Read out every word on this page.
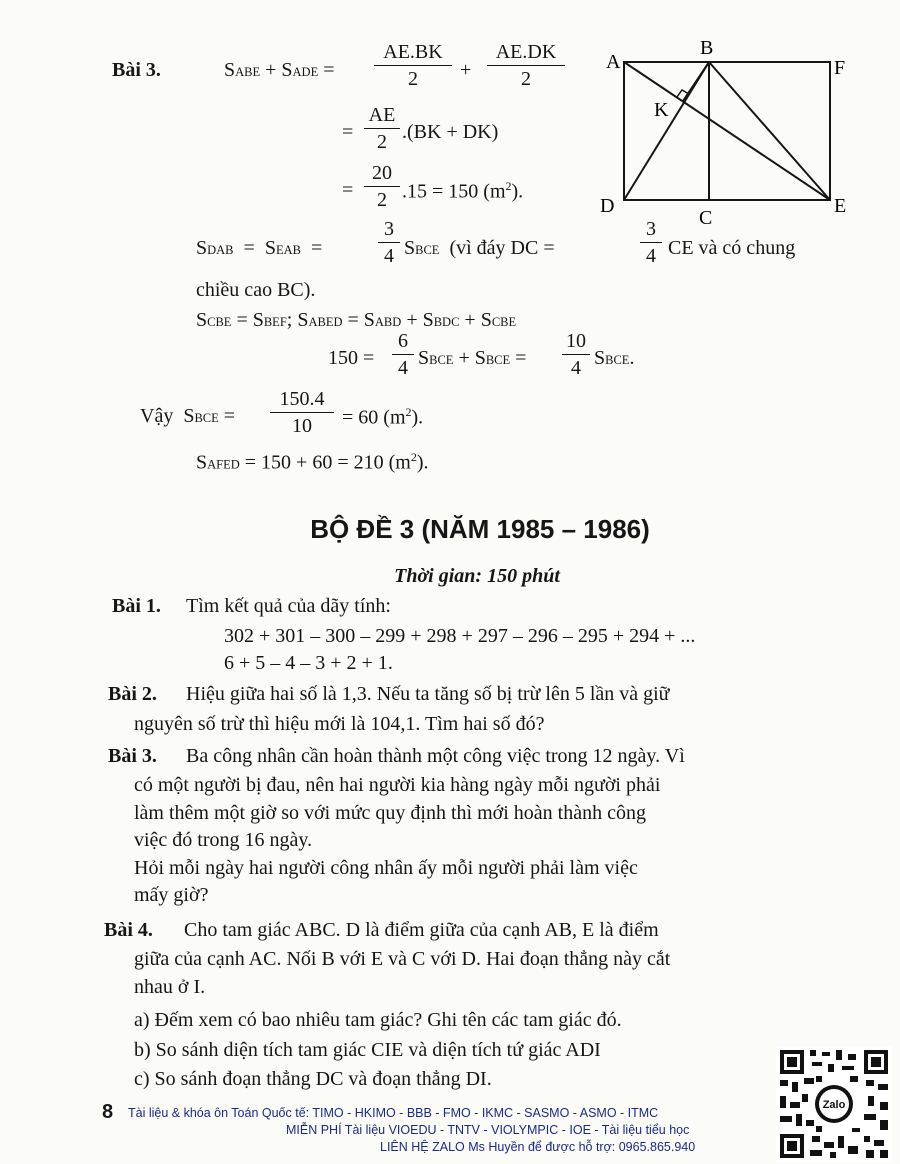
Bài 3.	SABE + SADE = $\frac{AE.BK}{2} + \frac{AE.DK}{2}$
= $\frac{AE}{2} .(BK + DK)$
= $\frac{20}{2} .15 = 150$ $(m^2)$.
SDAB = SEAB =	$\frac{3}{4}$ SBCE (vì đáy DC =	$\frac{3}{4}$ CE và có chung
chiều cao BC).
SCBE = SBEF; SABED = SABD + SBDC + SCBE
$150 = \frac{6}{4}$ SBCE + SBCE = $\frac{10}{4}$ SBCE.
Vậy SBCE = $\frac{150.4}{10} = 60$ $(m^2)$.
SAFED = 150 + 60 = 210 $(m^2)$.
A
B
F
K
D
C
E
BỘ ĐỀ 3 (NĂM 1985 – 1986)
Thời gian: 150 phút
Bài 1. Tìm kết quả của dãy tính:
302 + 301 – 300 – 299 + 298 + 297 – 296 – 295 + 294 + ...
6 + 5 – 4 – 3 + 2 + 1.
Bài 2. Hiệu giữa hai số là 1,3. Nếu ta tăng số bị trừ lên 5 lần và giữ
nguyên số trừ thì hiệu mới là 104,1. Tìm hai số đó?
Bài 3. Ba công nhân cần hoàn thành một công việc trong 12 ngày. Vì
có một người bị đau, nên hai người kia hàng ngày mỗi người phải
làm thêm một giờ so với mức quy định thì mới hoàn thành công
việc đó trong 16 ngày.
Hỏi mỗi ngày hai người công nhân ấy mỗi người phải làm việc
mấy giờ?
Bài 4. Cho tam giác ABC. D là điểm giữa của cạnh AB, E là điểm
giữa của cạnh AC. Nối B với E và C với D. Hai đoạn thẳng này cắt
nhau ở I.
a) Đếm xem có bao nhiêu tam giác? Ghi tên các tam giác đó.
b) So sánh diện tích tam giác CIE và diện tích tứ giác ADI
c) So sánh đoạn thẳng DC và đoạn thẳng DI.
8 Tài liệu & khóa ôn Toán Quốc tế: TIMO - HKIMO - BBB - FMO - IKMC - SASMO - ASMO - ITMC
MIỄN PHÍ Tài liệu VIOEDU - TNTV - VIOLYMPIC - IOE - Tài liệu tiểu học
LIÊN HỆ ZALO Ms Huyền để được hỗ trợ: 0965.865.940
Zalo
